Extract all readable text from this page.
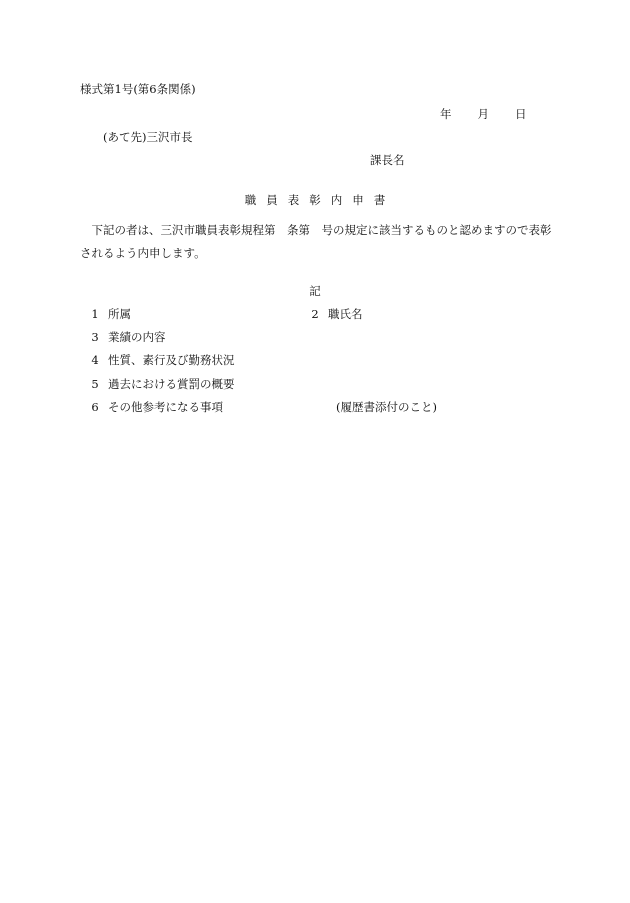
様式第1号(第6条関係)
年 月 日
(あて先)三沢市長
課長名
職 員 表 彰 内 申 書
下記の者は、三沢市職員表彰規程第　条第　号の規定に該当するものと認めますので表彰されるよう内申します。
記
1 所属	2 職氏名
3 業績の内容
4 性質、素行及び勤務状況
5 過去における賞罰の概要
6 その他参考になる事項	(履歴書添付のこと)
